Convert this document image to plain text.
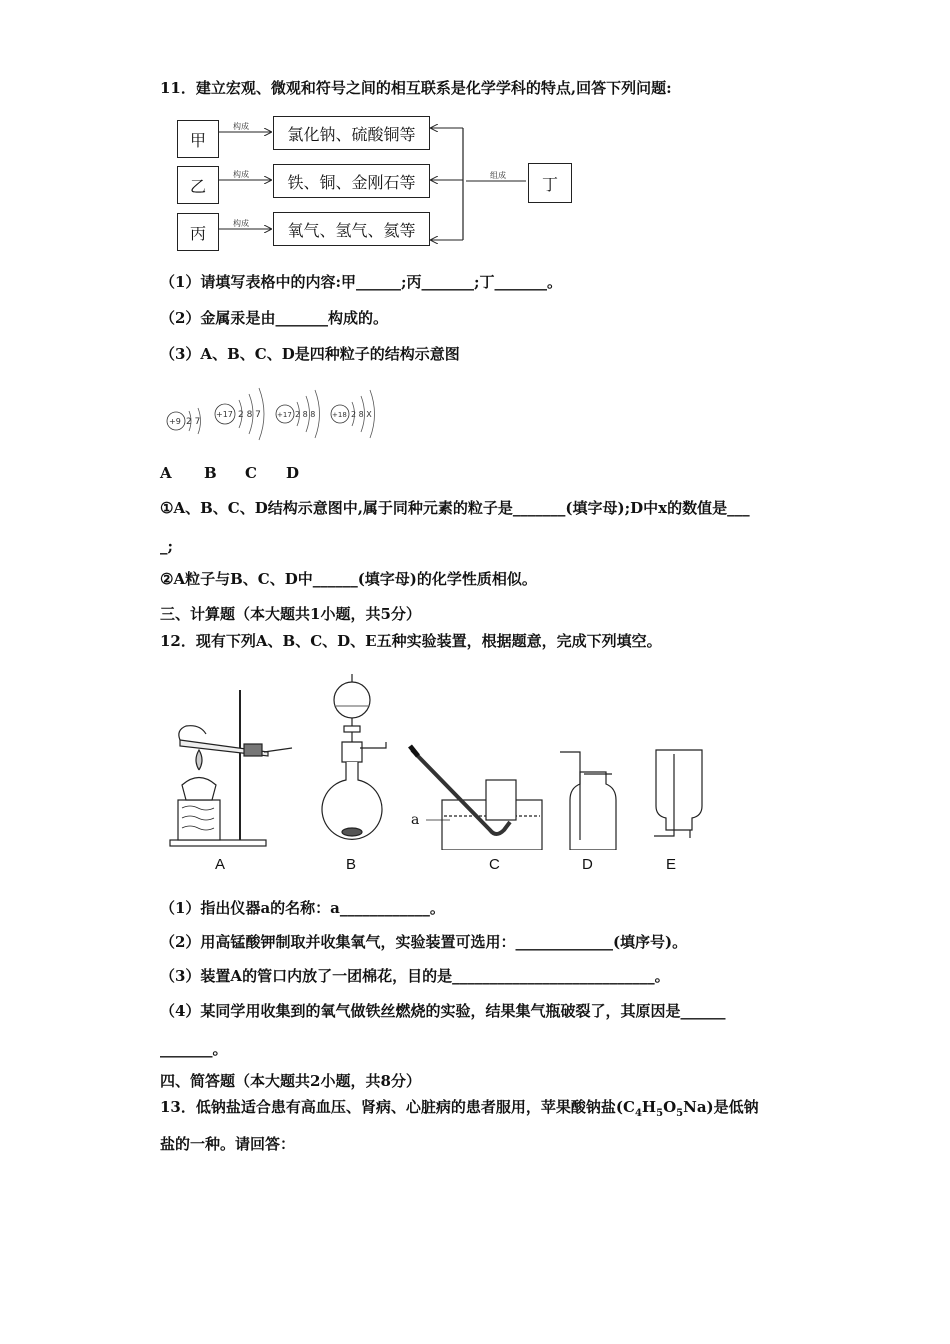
11．建立宏观、微观和符号之间的相互联系是化学学科的特点,回答下列问题:
甲
乙
丙
氯化钠、硫酸铜等
铁、铜、金刚石等
氧气、氢气、氦等
丁
构成
构成
构成
组成
（1）请填写表格中的内容:甲______;丙_______;丁_______。
（2）金属汞是由_______构成的。
（3）A、B、C、D是四种粒子的结构示意图
+9 2 7
+17 2 8 7 +17 2 8 8 +18 2 8 X
A B C D
①A、B、C、D结构示意图中,属于同种元素的粒子是_______(填字母);D中x的数值是___
_;
②A粒子与B、C、D中______(填字母)的化学性质相似。
三、计算题（本大题共1小题，共5分）
12．现有下列A、B、C、D、E五种实验装置，根据题意，完成下列填空。
a
A	B	C	D	E
（1）指出仪器a的名称：a____________。
（2）用高锰酸钾制取并收集氧气，实验装置可选用：_____________(填序号)。
（3）装置A的管口内放了一团棉花，目的是___________________________。
（4）某同学用收集到的氧气做铁丝燃烧的实验，结果集气瓶破裂了，其原因是______
_______。
四、简答题（本大题共2小题，共8分）
13．低钠盐适合患有高血压、肾病、心脏病的患者服用，苹果酸钠盐$(C_4H_5O_5Na)$是低钠
盐的一种。请回答：
